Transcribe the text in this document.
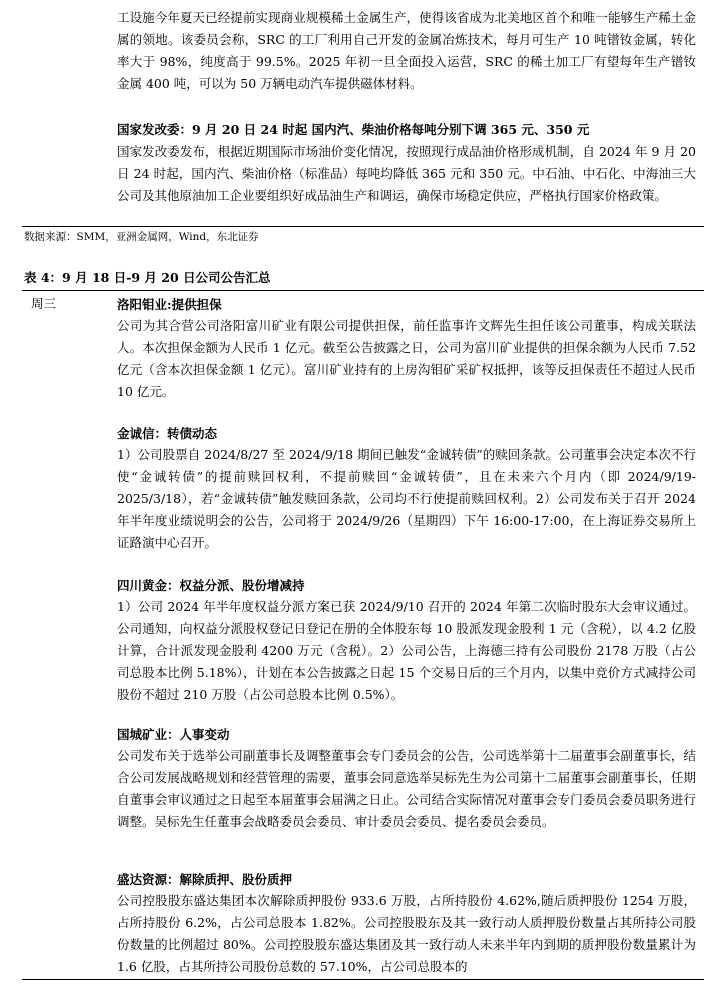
工设施今年夏天已经提前实现商业规模稀土金属生产，使得该省成为北美地区首个和唯一能够生产稀土金属的领地。该委员会称，SRC 的工厂利用自己开发的金属冶炼技术，每月可生产 10 吨镨钕金属，转化率大于 98%，纯度高于 99.5%。2025 年初一旦全面投入运营，SRC 的稀土加工厂有望每年生产镨钕金属 400 吨，可以为 50 万辆电动汽车提供磁体材料。

国家发改委：9 月 20 日 24 时起 国内汽、柴油价格每吨分别下调 365 元、350 元

国家发改委发布，根据近期国际市场油价变化情况，按照现行成品油价格形成机制，自 2024 年 9 月 20 日 24 时起，国内汽、柴油价格（标准品）每吨均降低 365 元和 350 元。中石油、中石化、中海油三大公司及其他原油加工企业要组织好成品油生产和调运，确保市场稳定供应，严格执行国家价格政策。

数据来源：SMM，亚洲金属网，Wind，东北证券
表 4：9 月 18 日-9 月 20 日公司公告汇总
周三	洛阳钼业:提供担保
公司为其合营公司洛阳富川矿业有限公司提供担保，前任监事许文辉先生担任该公司董事，构成关联法人。本次担保金额为人民币 1 亿元。截至公告披露之日，公司为富川矿业提供的担保余额为人民币 7.52 亿元（含本次担保金额 1 亿元）。富川矿业持有的上房沟钼矿采矿权抵押，该等反担保责任不超过人民币 10 亿元。
金诚信：转债动态
1）公司股票自 2024/8/27 至 2024/9/18 期间已触发“金诚转债”的赎回条款。公司董事会决定本次不行使“金诚转债”的提前赎回权利，不提前赎回“金诚转债”，且在未来六个月内（即 2024/9/19-2025/3/18），若“金诚转债”触发赎回条款，公司均不行使提前赎回权利。2）公司发布关于召开 2024 年半年度业绩说明会的公告，公司将于 2024/9/26（星期四）下午 16:00-17:00，在上海证券交易所上证路演中心召开。
四川黄金：权益分派、股份增减持
1）公司 2024 年半年度权益分派方案已获 2024/9/10 召开的 2024 年第二次临时股东大会审议通过。公司通知，向权益分派股权登记日登记在册的全体股东每 10 股派发现金股利 1 元（含税），以 4.2 亿股计算，合计派发现金股利 4200 万元（含税）。2）公司公告，上海德三持有公司股份 2178 万股（占公司总股本比例 5.18%），计划在本公告披露之日起 15 个交易日后的三个月内，以集中竞价方式减持公司股份不超过 210 万股（占公司总股本比例 0.5%）。
国城矿业：人事变动
公司发布关于选举公司副董事长及调整董事会专门委员会的公告，公司选举第十二届董事会副董事长，结合公司发展战略规划和经营管理的需要，董事会同意选举吴标先生为公司第十二届董事会副董事长，任期自董事会审议通过之日起至本届董事会届满之日止。公司结合实际情况对董事会专门委员会委员职务进行调整。吴标先生任董事会战略委员会委员、审计委员会委员、提名委员会委员。
盛达资源：解除质押、股份质押
公司控股股东盛达集团本次解除质押股份 933.6 万股，占所持股份 4.62%,随后质押股份 1254 万股，占所持股份 6.2%，占公司总股本 1.82%。公司控股股东及其一致行动人质押股份数量占其所持公司股份数量的比例超过 80%。公司控股股东盛达集团及其一致行动人未来半年内到期的质押股份数量累计为 1.6 亿股，占其所持公司股份总数的 57.10%，占公司总股本的
